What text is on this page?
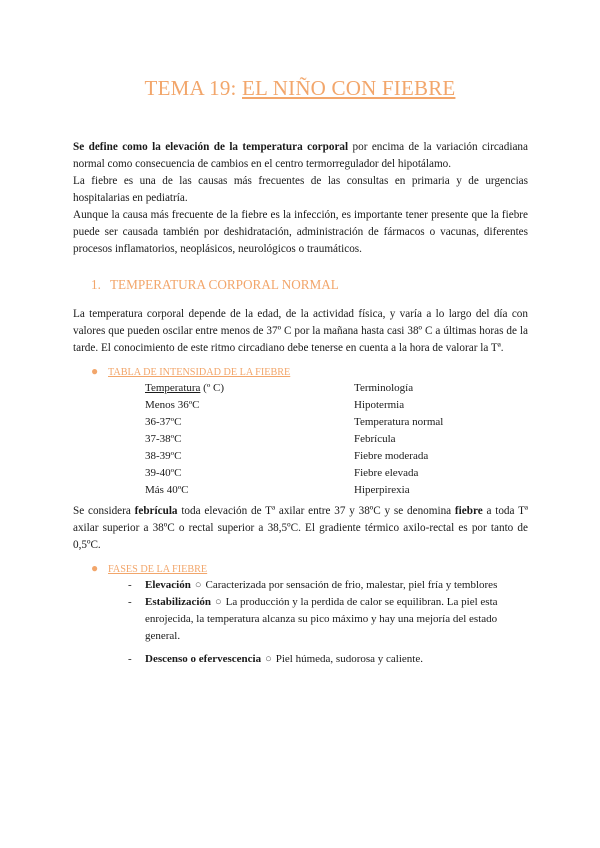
TEMA 19: EL NIÑO CON FIEBRE

Se define como la elevación de la temperatura corporal por encima de la variación circadiana normal como consecuencia de cambios en el centro termorregulador del hipotálamo.

La fiebre es una de las causas más frecuentes de las consultas en primaria y de urgencias hospitalarias en pediatría.

Aunque la causa más frecuente de la fiebre es la infección, es importante tener presente que la fiebre puede ser causada también por deshidratación, administración de fármacos o vacunas, diferentes procesos inflamatorios, neoplásicos, neurológicos o traumáticos.

1. TEMPERATURA CORPORAL NORMAL

La temperatura corporal depende de la edad, de la actividad física, y varía a lo largo del día con valores que pueden oscilar entre menos de 37º C por la mañana hasta casi 38º C a últimas horas de la tarde. El conocimiento de este ritmo circadiano debe tenerse en cuenta a la hora de valorar la Tª.

● TABLA DE INTENSIDAD DE LA FIEBRE
Temperatura (º C)	Terminología
Menos 36ºC	Hipotermia
36-37ºC	Temperatura normal
37-38ºC	Febrícula
38-39ºC	Fiebre moderada
39-40ºC	Fiebre elevada
Más 40ºC	Hiperpirexia

Se considera febrícula toda elevación de Tª axilar entre 37 y 38ºC y se denomina fiebre a toda Tª axilar superior a 38ºC o rectal superior a 38,5ºC. El gradiente térmico axilo-rectal es por tanto de 0,5ºC.

● FASES DE LA FIEBRE
- Elevación ○ Caracterizada por sensación de frio, malestar, piel fría y temblores
- Estabilización ○ La producción y la perdida de calor se equilibran. La piel esta enrojecida, la temperatura alcanza su pico máximo y hay una mejoría del estado general.
- Descenso o efervescencia ○ Piel húmeda, sudorosa y caliente.
